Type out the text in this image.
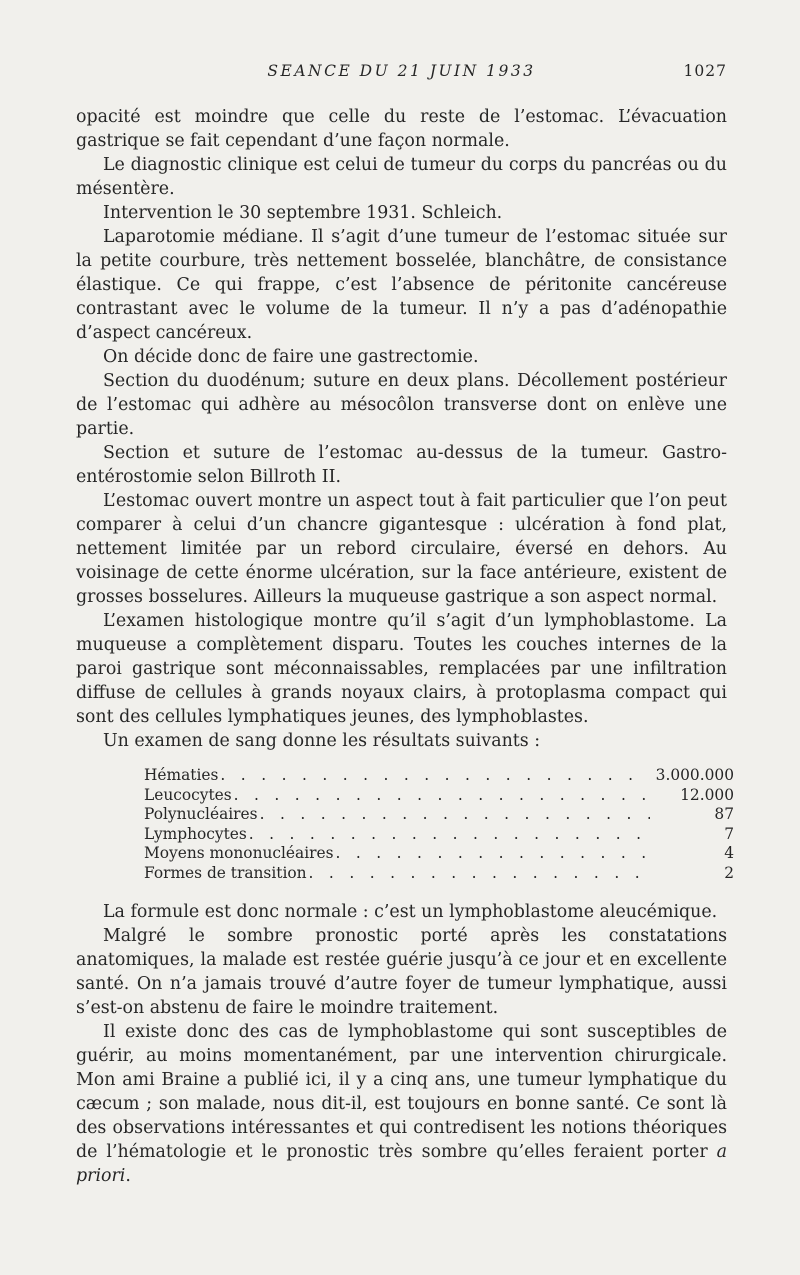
SEANCE DU 21 JUIN 1933	1027

opacité est moindre que celle du reste de l’estomac. L’évacuation gastrique se fait cependant d’une façon normale.

Le diagnostic clinique est celui de tumeur du corps du pancréas ou du mésentère.

Intervention le 30 septembre 1931. Schleich.

Laparotomie médiane. Il s’agit d’une tumeur de l’estomac située sur la petite courbure, très nettement bosselée, blanchâtre, de consistance élastique. Ce qui frappe, c’est l’absence de péritonite cancéreuse contrastant avec le volume de la tumeur. Il n’y a pas d’adénopathie d’aspect cancéreux.

On décide donc de faire une gastrectomie.

Section du duodénum; suture en deux plans. Décollement postérieur de l’estomac qui adhère au mésocôlon transverse dont on enlève une partie.

Section et suture de l’estomac au-dessus de la tumeur. Gastro-entérostomie selon Billroth II.

L’estomac ouvert montre un aspect tout à fait particulier que l’on peut comparer à celui d’un chancre gigantesque : ulcération à fond plat, nettement limitée par un rebord circulaire, éversé en dehors. Au voisinage de cette énorme ulcération, sur la face antérieure, existent de grosses bosselures. Ailleurs la muqueuse gastrique a son aspect normal.

L’examen histologique montre qu’il s’agit d’un lymphoblastome. La muqueuse a complètement disparu. Toutes les couches internes de la paroi gastrique sont méconnaissables, remplacées par une infiltration diffuse de cellules à grands noyaux clairs, à protoplasma compact qui sont des cellules lymphatiques jeunes, des lymphoblastes.

Un examen de sang donne les résultats suivants :

Hématies . . .	3.000.000
Leucocytes . . .	12.000
Polynucléaires . . .	87
Lymphocytes . . .	7
Moyens mononucléaires . . .	4
Formes de transition . . .	2

La formule est donc normale : c’est un lymphoblastome aleucémique.

Malgré le sombre pronostic porté après les constatations anatomiques, la malade est restée guérie jusqu’à ce jour et en excellente santé. On n’a jamais trouvé d’autre foyer de tumeur lymphatique, aussi s’est-on abstenu de faire le moindre traitement.

Il existe donc des cas de lymphoblastome qui sont susceptibles de guérir, au moins momentanément, par une intervention chirurgicale. Mon ami Braine a publié ici, il y a cinq ans, une tumeur lymphatique du cæcum ; son malade, nous dit-il, est toujours en bonne santé. Ce sont là des observations intéressantes et qui contredisent les notions théoriques de l’hématologie et le pronostic très sombre qu’elles feraient porter a priori.
